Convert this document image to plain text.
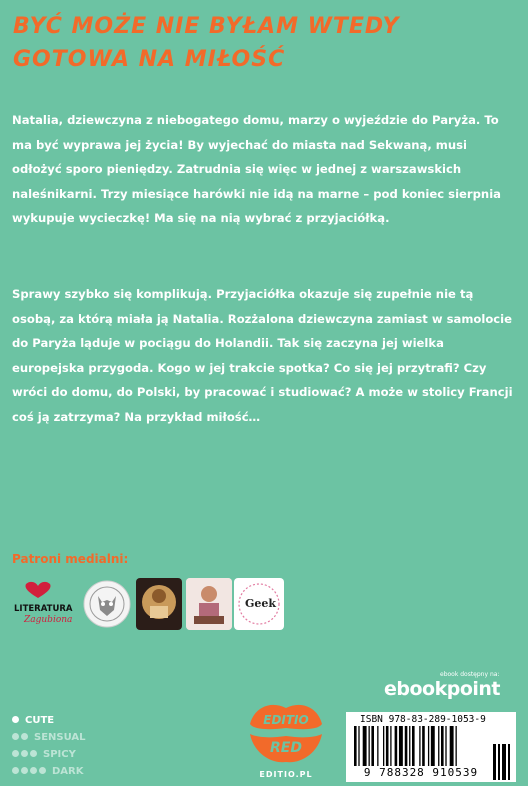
BYĆ MOŻE NIE BYŁAM WTEDY
GOTOWA NA MIŁOŚĆ
Natalia, dziewczyna z niebogatego domu, marzy o wyjeździe do Paryża. To ma być wyprawa jej życia! By wyjechać do miasta nad Sekwaną, musi odłożyć sporo pieniędzy. Zatrudnia się więc w jednej z warszawskich naleśnikarni. Trzy miesiące harówki nie idą na marne – pod koniec sierpnia wykupuje wycieczkę! Ma się na nią wybrać z przyjaciółką.
Sprawy szybko się komplikują. Przyjaciółka okazuje się zupełnie nie tą osobą, za którą miała ją Natalia. Rozżalona dziewczyna zamiast w samolocie do Paryża ląduje w pociągu do Holandii. Tak się zaczyna jej wielka europejska przygoda. Kogo w jej trakcie spotka? Co się jej przytrafi? Czy wróci do domu, do Polski, by pracować i studiować? A może w stolicy Francji coś ją zatrzyma? Na przykład miłość…
Patroni medialni:
LITERATURA
Zagubiona
Geek
CUTE
SENSUAL
SPICY
DARK
EDITIO
RED
EDITIO.PL
ebook dostępny na:
ebookpoint
ISBN 978-83-289-1053-9
9 788328 910539
